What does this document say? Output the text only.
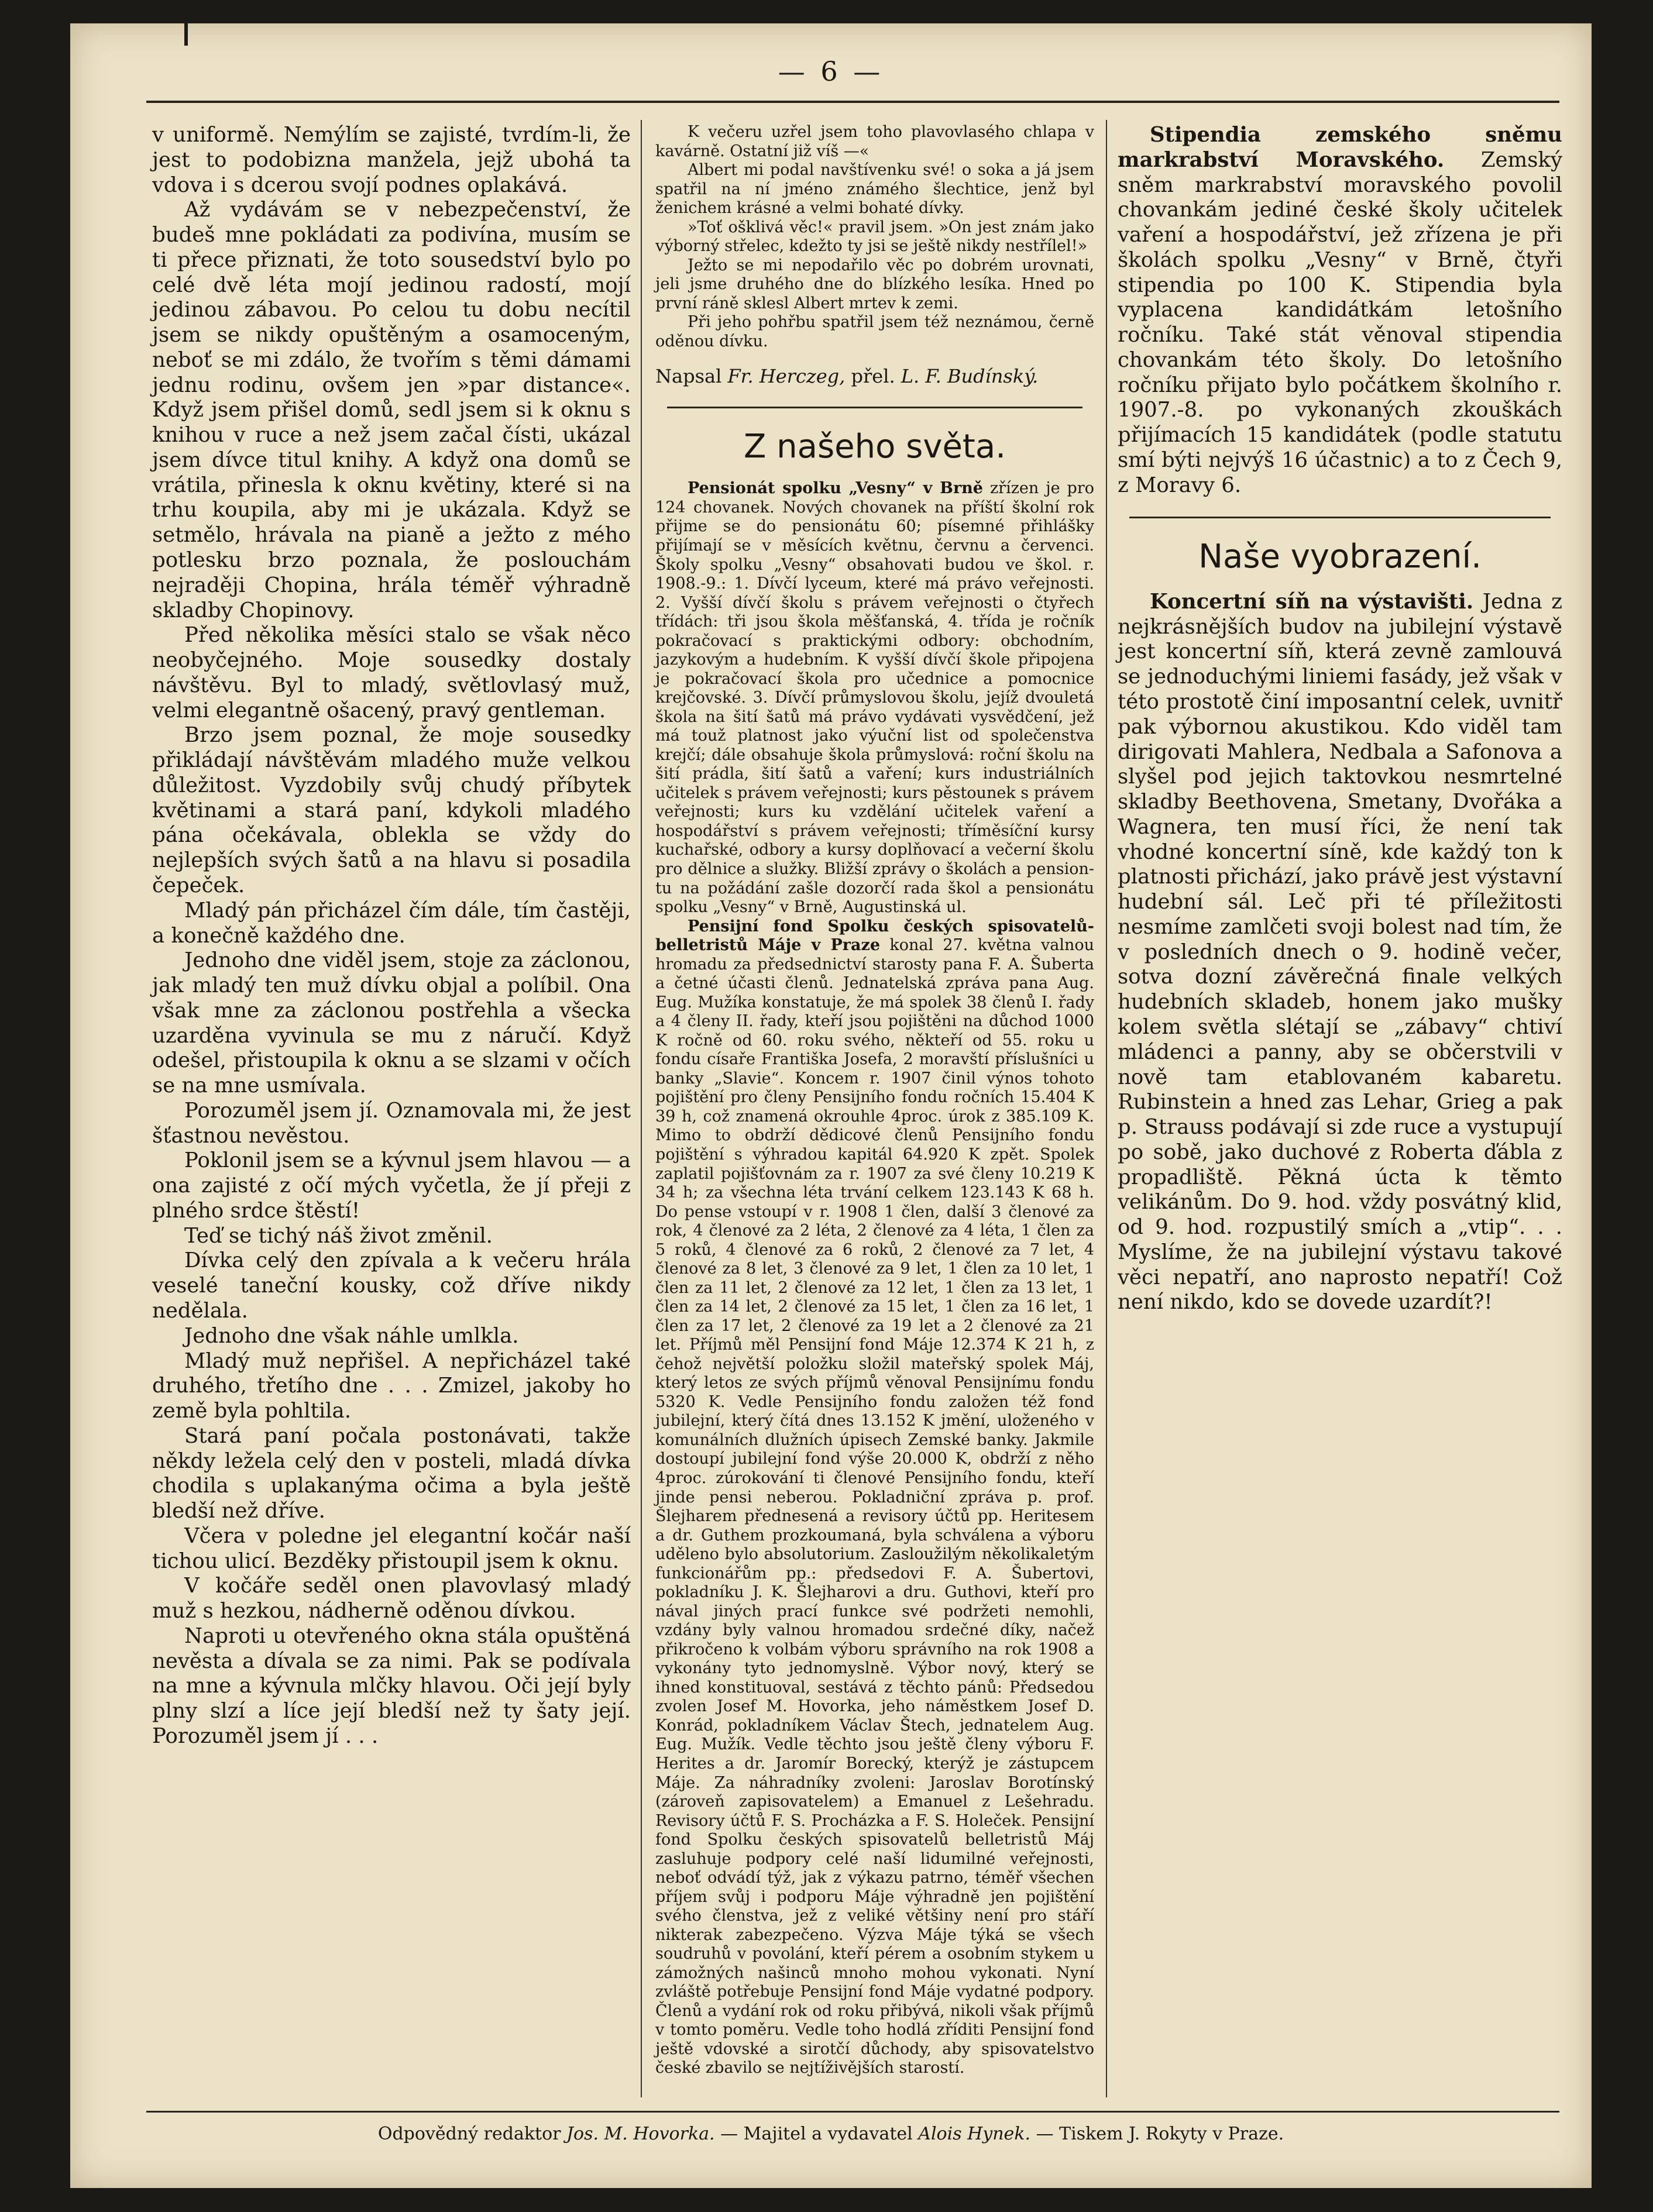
— 6 —

v uniformě. Nemýlím se zajisté, tvrdím-li, že jest to podobizna manžela, jejž ubohá ta vdova i s dcerou svojí podnes oplakává.

Až vydávám se v nebezpečenství, že budeš mne pokládati za podivína, musím se ti přece přiznati, že toto sousedství bylo po celé dvě léta mojí jedinou radostí, mojí jedinou zábavou. Po celou tu dobu necítil jsem se nikdy opuštěným a osamoceným, neboť se mi zdálo, že tvořím s těmi dámami jednu rodinu, ovšem jen »par distance«. Když jsem přišel domů, sedl jsem si k oknu s knihou v ruce a než jsem začal čísti, ukázal jsem dívce titul knihy. A když ona domů se vrátila, přinesla k oknu květiny, které si na trhu koupila, aby mi je ukázala. Když se setmělo, hrávala na pianě a ježto z mého potlesku brzo poznala, že poslouchám nejraději Chopina, hrála téměř výhradně skladby Chopinovy.

Před několika měsíci stalo se však něco neobyčejného. Moje sousedky dostaly návštěvu. Byl to mladý, světlovlasý muž, velmi elegantně ošacený, pravý gentleman.

Brzo jsem poznal, že moje sousedky přikládají návštěvám mladého muže velkou důležitost. Vyzdobily svůj chudý příbytek květinami a stará paní, kdykoli mladého pána očekávala, oblekla se vždy do nejlepších svých šatů a na hlavu si posadila čepeček.

Mladý pán přicházel čím dále, tím častěji, a konečně každého dne.

Jednoho dne viděl jsem, stoje za záclonou, jak mladý ten muž dívku objal a políbil. Ona však mne za záclonou postřehla a všecka uzarděna vyvinula se mu z náručí. Když odešel, přistoupila k oknu a se slzami v očích se na mne usmívala.

Porozuměl jsem jí. Oznamovala mi, že jest šťastnou nevěstou.

Poklonil jsem se a kývnul jsem hlavou — a ona zajisté z očí mých vyčetla, že jí přeji z plného srdce štěstí!

Teď se tichý náš život změnil.

Dívka celý den zpívala a k večeru hrála veselé taneční kousky, což dříve nikdy nedělala.

Jednoho dne však náhle umlkla.

Mladý muž nepřišel. A nepřicházel také druhého, třetího dne . . . Zmizel, jakoby ho země byla pohltila.

Stará paní počala postonávati, takže někdy ležela celý den v posteli, mladá dívka chodila s uplakanýma očima a byla ještě bledší než dříve.

Včera v poledne jel elegantní kočár naší tichou ulicí. Bezděky přistoupil jsem k oknu.

V kočáře seděl onen plavovlasý mladý muž s hezkou, nádherně oděnou dívkou.

Naproti u otevřeného okna stála opuštěná nevěsta a dívala se za nimi. Pak se podívala na mne a kývnula mlčky hlavou. Oči její byly plny slzí a líce její bledší než ty šaty její. Porozuměl jsem jí . . .

K večeru uzřel jsem toho plavovlasého chlapa v kavárně. Ostatní již víš —«

Albert mi podal navštívenku své! o soka a já jsem spatřil na ní jméno známého šlechtice, jenž byl ženichem krásné a velmi bohaté dívky.

»Toť ošklivá věc!« pravil jsem. »On jest znám jako výborný střelec, kdežto ty jsi se ještě nikdy nestřílel!»

Ježto se mi nepodařilo věc po dobrém urovnati, jeli jsme druhého dne do blízkého lesíka. Hned po první ráně sklesl Albert mrtev k zemi.

Při jeho pohřbu spatřil jsem též neznámou, černě oděnou dívku.

Napsal Fr. Herczeg, přel. L. F. Budínský.

Z našeho světa.

Pensionát spolku „Vesny“ v Brně zřízen je pro 124 chovanek. Nových chovanek na příští školní rok přijme se do pensionátu 60; písemné přihlášky přijímají se v měsících květnu, červnu a červenci. Školy spolku „Vesny“ obsahovati budou ve škol. r. 1908.-9.: 1. Dívčí lyceum, které má právo veřejnosti. 2. Vyšší dívčí školu s právem veřejnosti o čtyřech třídách: tři jsou škola měšťanská, 4. třída je ročník pokračovací s praktickými odbory: obchodním, jazykovým a hudebním. K vyšší dívčí škole připojena je pokračovací škola pro učednice a pomocnice krejčovské. 3. Dívčí průmyslovou školu, jejíž dvouletá škola na šití šatů má právo vydávati vysvědčení, jež má touž platnost jako výuční list od společenstva krejčí; dále obsahuje škola průmyslová: roční školu na šití prádla, šití šatů a vaření; kurs industriálních učitelek s právem veřejnosti; kurs pěstounek s právem veřejnosti; kurs ku vzdělání učitelek vaření a hospodářství s právem veřejnosti; tříměsíční kursy kuchařské, odbory a kursy doplňovací a večerní školu pro dělnice a služky. Bližší zprávy o školách a pension-tu na požádání zašle dozorčí rada škol a pensionátu spolku „Vesny“ v Brně, Augustinská ul.

Pensijní fond Spolku českých spisovatelů-belletristů Máje v Praze konal 27. května valnou hromadu za předsednictví starosty pana F. A. Šuberta a četné účasti členů. Jednatelská zpráva pana Aug. Eug. Mužíka konstatuje, že má spolek 38 členů I. řady a 4 členy II. řady, kteří jsou pojištěni na důchod 1000 K ročně od 60. roku svého, někteří od 55. roku u fondu císaře Františka Josefa, 2 moravští příslušníci u banky „Slavie“. Koncem r. 1907 činil výnos tohoto pojištění pro členy Pensijního fondu ročních 15.404 K 39 h, což znamená okrouhle 4proc. úrok z 385.109 K. Mimo to obdrží dědicové členů Pensijního fondu pojištění s výhradou kapitál 64.920 K zpět. Spolek zaplatil pojišťovnám za r. 1907 za své členy 10.219 K 34 h; za všechna léta trvání celkem 123.143 K 68 h. Do pense vstoupí v r. 1908 1 člen, další 3 členové za rok, 4 členové za 2 léta, 2 členové za 4 léta, 1 člen za 5 roků, 4 členové za 6 roků, 2 členové za 7 let, 4 členové za 8 let, 3 členové za 9 let, 1 člen za 10 let, 1 člen za 11 let, 2 členové za 12 let, 1 člen za 13 let, 1 člen za 14 let, 2 členové za 15 let, 1 člen za 16 let, 1 člen za 17 let, 2 členové za 19 let a 2 členové za 21 let. Příjmů měl Pensijní fond Máje 12.374 K 21 h, z čehož největší položku složil mateřský spolek Máj, který letos ze svých příjmů věnoval Pensijnímu fondu 5320 K. Vedle Pensijního fondu založen též fond jubilejní, který čítá dnes 13.152 K jmění, uloženého v komunálních dlužních úpisech Zemské banky. Jakmile dostoupí jubilejní fond výše 20.000 K, obdrží z něho 4proc. zúrokování ti členové Pensijního fondu, kteří jinde pensi neberou. Pokladniční zpráva p. prof. Šlejharem přednesená a revisory účtů pp. Heritesem a dr. Guthem prozkoumaná, byla schválena a výboru uděleno bylo absolutorium. Zasloužilým několikaletým funkcionářům pp.: předsedovi F. A. Šubertovi, pokladníku J. K. Šlejharovi a dru. Guthovi, kteří pro nával jiných prací funkce své podržeti nemohli, vzdány byly valnou hromadou srdečné díky, načež přikročeno k volbám výboru správního na rok 1908 a vykonány tyto jednomyslně. Výbor nový, který se ihned konstituoval, sestává z těchto pánů: Předsedou zvolen Josef M. Hovorka, jeho náměstkem Josef D. Konrád, pokladníkem Václav Štech, jednatelem Aug. Eug. Mužík. Vedle těchto jsou ještě členy výboru F. Herites a dr. Jaromír Borecký, kterýž je zástupcem Máje. Za náhradníky zvoleni: Jaroslav Borotínský (zároveň zapisovatelem) a Emanuel z Lešehradu. Revisory účtů F. S. Procházka a F. S. Holeček. Pensijní fond Spolku českých spisovatelů belletristů Máj zasluhuje podpory celé naší lidumilné veřejnosti, neboť odvádí týž, jak z výkazu patrno, téměř všechen příjem svůj i podporu Máje výhradně jen pojištění svého členstva, jež z veliké většiny není pro stáří nikterak zabezpečeno. Výzva Máje týká se všech soudruhů v povolání, kteří pérem a osobním stykem u zámožných našinců mnoho mohou vykonati. Nyní zvláště potřebuje Pensijní fond Máje vydatné podpory. Členů a vydání rok od roku přibývá, nikoli však příjmů v tomto poměru. Vedle toho hodlá zříditi Pensijní fond ještě vdovské a sirotčí důchody, aby spisovatelstvo české zbavilo se nejtíživějších starostí.

Stipendia zemského sněmu markrabství Moravského. Zemský sněm markrabství moravského povolil chovankám jediné české školy učitelek vaření a hospodářství, jež zřízena je při školách spolku „Vesny“ v Brně, čtyři stipendia po 100 K. Stipendia byla vyplacena kandidátkám letošního ročníku. Také stát věnoval stipendia chovankám této školy. Do letošního ročníku přijato bylo počátkem školního r. 1907.-8. po vykonaných zkouškách přijímacích 15 kandidátek (podle statutu smí býti nejvýš 16 účastnic) a to z Čech 9, z Moravy 6.

Naše vyobrazení.

Koncertní síň na výstavišti. Jedna z nejkrásnějších budov na jubilejní výstavě jest koncertní síň, která zevně zamlouvá se jednoduchými liniemi fasády, jež však v této prostotě činí imposantní celek, uvnitř pak výbornou akustikou. Kdo viděl tam dirigovati Mahlera, Nedbala a Safonova a slyšel pod jejich taktovkou nesmrtelné skladby Beethovena, Smetany, Dvořáka a Wagnera, ten musí říci, že není tak vhodné koncertní síně, kde každý ton k platnosti přichází, jako právě jest výstavní hudební sál. Leč při té příležitosti nesmíme zamlčeti svoji bolest nad tím, že v posledních dnech o 9. hodině večer, sotva dozní závěrečná finale velkých hudebních skladeb, honem jako mušky kolem světla slétají se „zábavy“ chtiví mládenci a panny, aby se občerstvili v nově tam etablovaném kabaretu. Rubinstein a hned zas Lehar, Grieg a pak p. Strauss podávají si zde ruce a vystupují po sobě, jako duchové z Roberta ďábla z propadliště. Pěkná úcta k těmto velikánům. Do 9. hod. vždy posvátný klid, od 9. hod. rozpustilý smích a „vtip“. . . Myslíme, že na jubilejní výstavu takové věci nepatří, ano naprosto nepatří! Což není nikdo, kdo se dovede uzardít?!

Odpovědný redaktor Jos. M. Hovorka. — Majitel a vydavatel Alois Hynek. — Tiskem J. Rokyty v Praze.
